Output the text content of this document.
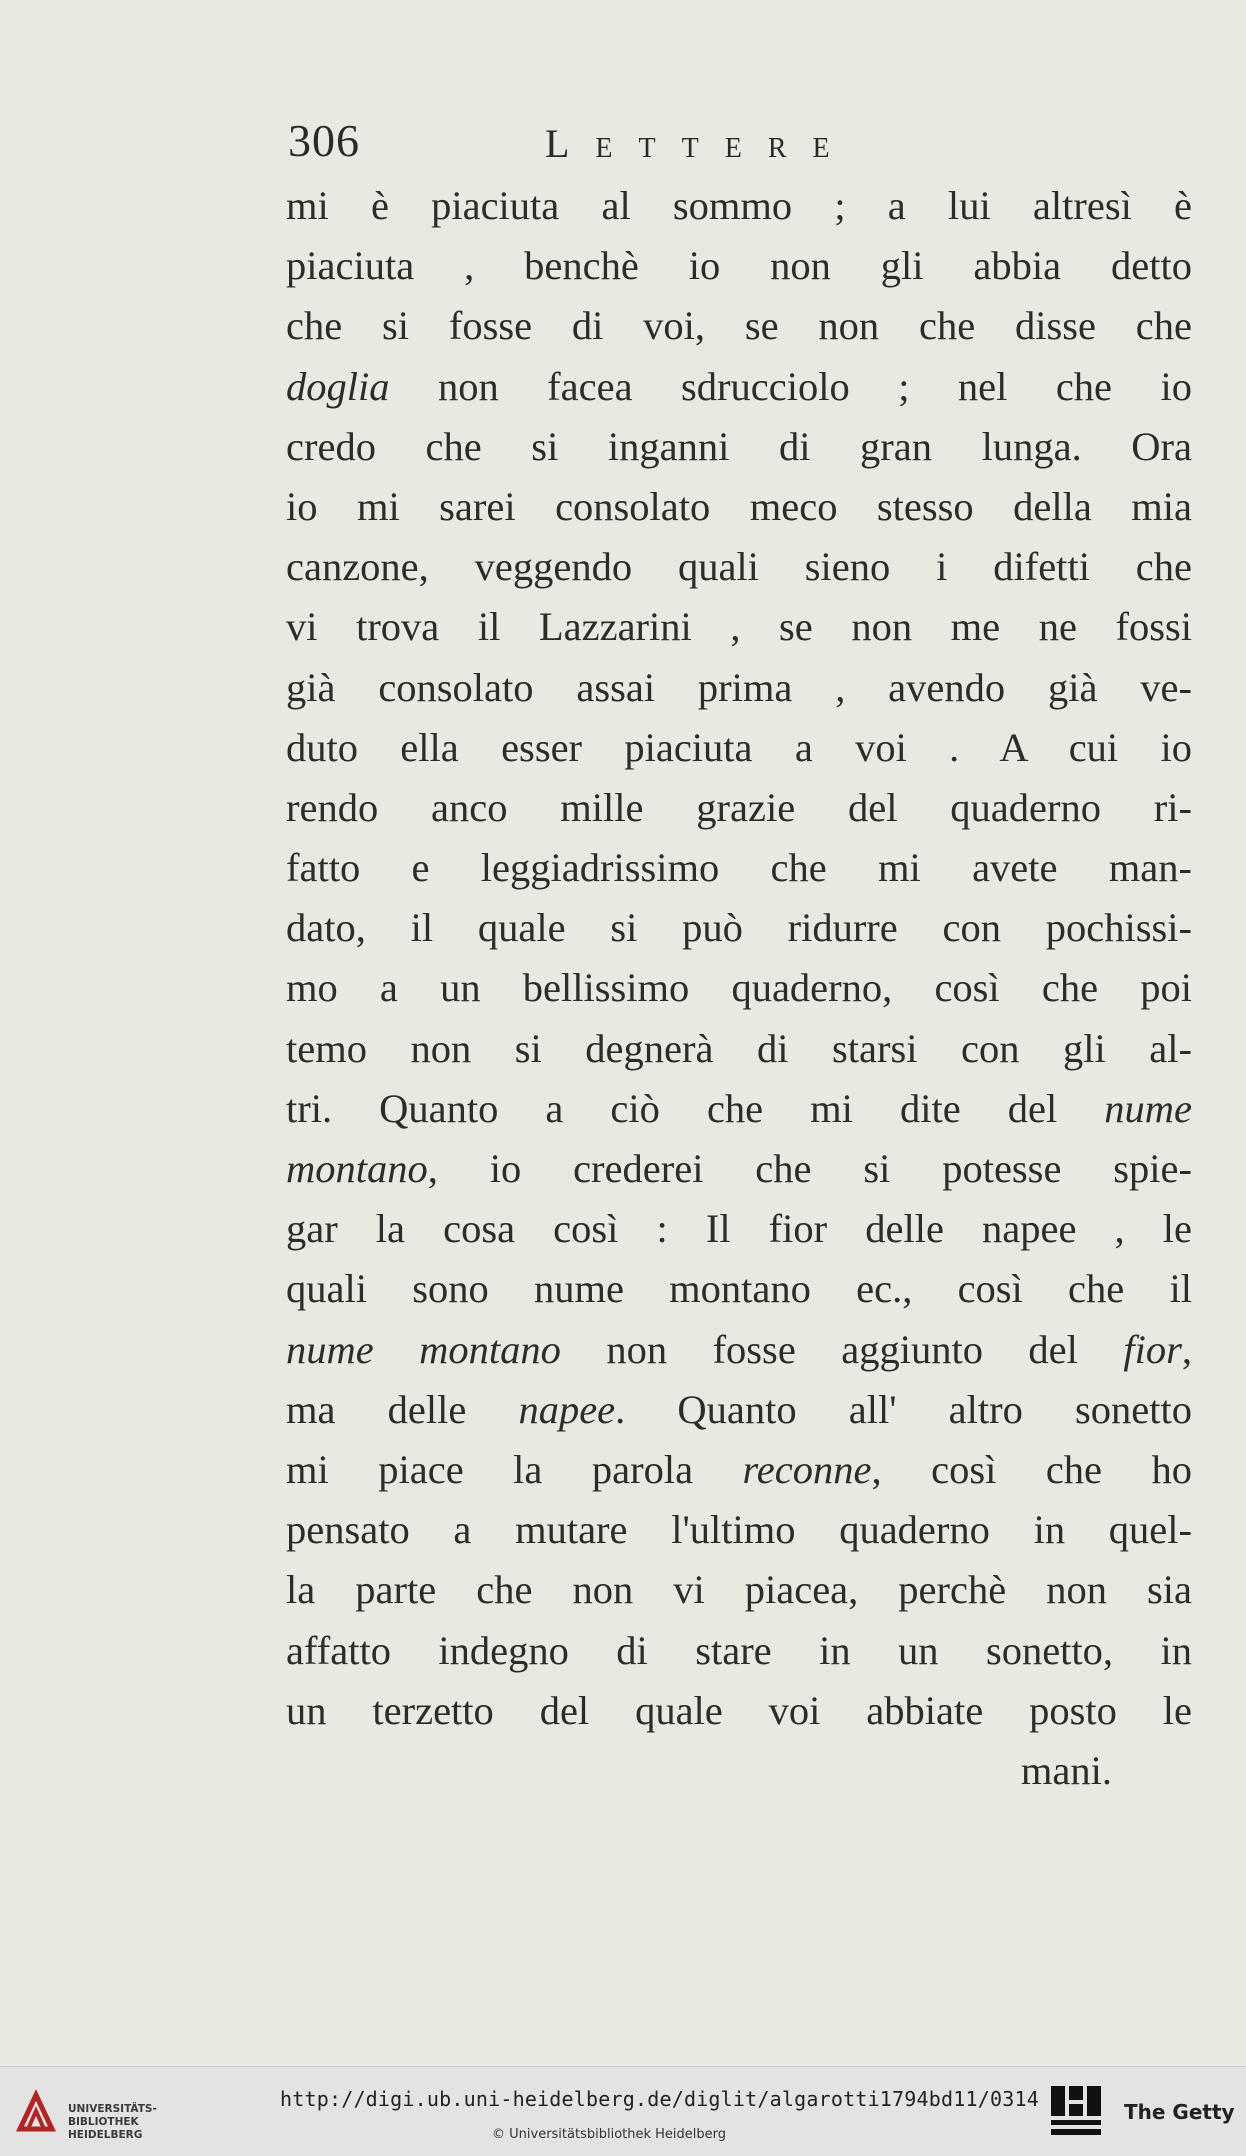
306	Lettere
mi è piaciuta al sommo ; a lui altresì è
piaciuta , benchè io non gli abbia detto
che si fosse di voi, se non che disse che
doglia non facea sdrucciolo ; nel che io
credo che si inganni di gran lunga. Ora
io mi sarei consolato meco stesso della mia
canzone, veggendo quali sieno i difetti che
vi trova il Lazzarini , se non me ne fossi
già consolato assai prima , avendo già ve-
duto ella esser piaciuta a voi . A cui io
rendo anco mille grazie del quaderno ri-
fatto e leggiadrissimo che mi avete man-
dato, il quale si può ridurre con pochissi-
mo a un bellissimo quaderno, così che poi
temo non si degnerà di starsi con gli al-
tri. Quanto a ciò che mi dite del nume
montano, io crederei che si potesse spie-
gar la cosa così : Il fior delle napee , le
quali sono nume montano ec., così che il
nume montano non fosse aggiunto del fior,
ma delle napee. Quanto all' altro sonetto
mi piace la parola reconne, così che ho
pensato a mutare l'ultimo quaderno in quel-
la parte che non vi piacea, perchè non sia
affatto indegno di stare in un sonetto, in
un terzetto del quale voi abbiate posto le
mani.
UNIVERSITÄTS-
BIBLIOTHEK
HEIDELBERG
http://digi.ub.uni-heidelberg.de/diglit/algarotti1794bd11/0314
© Universitätsbibliothek Heidelberg
The Getty
